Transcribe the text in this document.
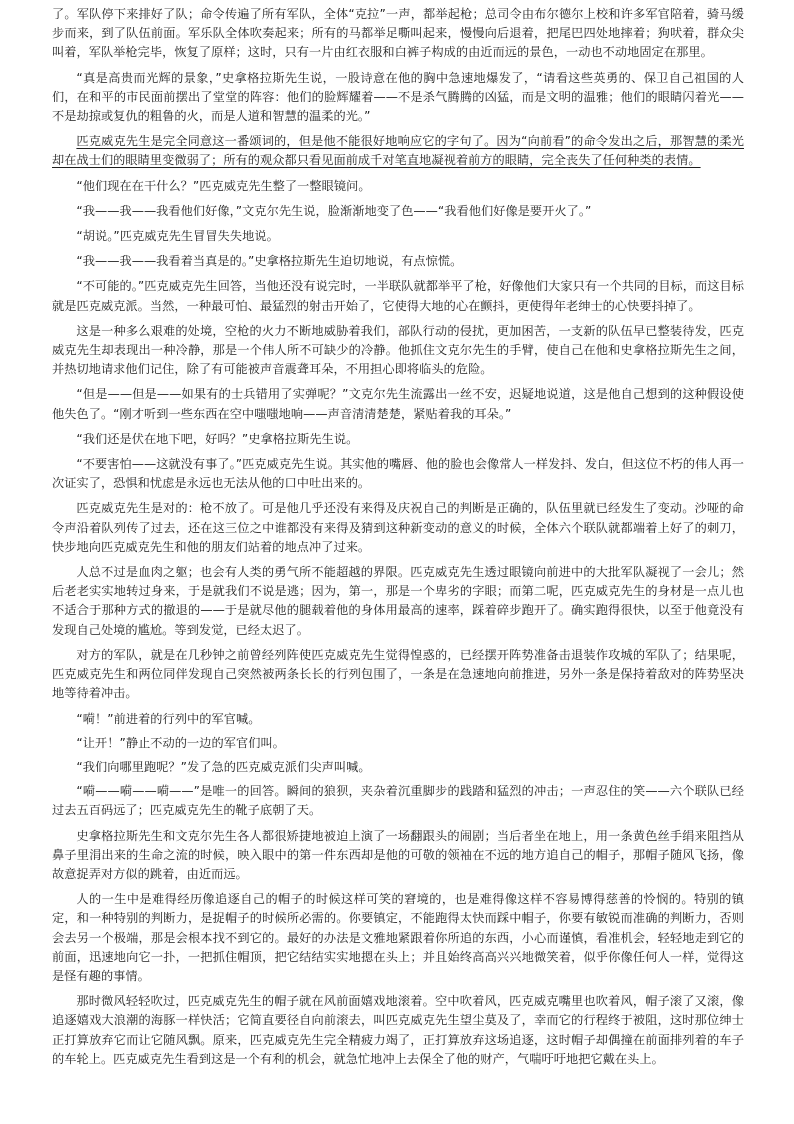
了。军队停下来排好了队；命令传遍了所有军队，全体“克拉”一声，都举起枪；总司令由布尔德尔上校和许多军官陪着，骑马缓步而来，到了队伍前面。军乐队全体吹奏起来；所有的马都举足嘶叫起来，慢慢向后退着，把尾巴四处地摔着；狗吠着，群众尖叫着，军队举枪完毕，恢复了原样；这时，只有一片由红衣服和白裤子构成的由近而远的景色，一动也不动地固定在那里。

“真是高贵而光辉的景象，”史拿格拉斯先生说，一股诗意在他的胸中急速地爆发了，“请看这些英勇的、保卫自己祖国的人们，在和平的市民面前摆出了堂堂的阵容：他们的脸辉耀着——不是杀气腾腾的凶猛，而是文明的温雅；他们的眼睛闪着光——不是劫掠或复仇的粗鲁的火，而是人道和智慧的温柔的光。”

匹克威克先生是完全同意这一番颂词的，但是他不能很好地响应它的字句了。因为“向前看”的命令发出之后，那智慧的柔光却在战士们的眼睛里变微弱了；所有的观众都只看见面前成千对笔直地凝视着前方的眼睛，完全丧失了任何种类的表情。

“他们现在在干什么？”匹克威克先生整了一整眼镜问。

“我——我——我看他们好像，”文克尔先生说，脸渐渐地变了色——“我看他们好像是要开火了。”

“胡说。”匹克威克先生冒冒失失地说。

“我——我——我看着当真是的。”史拿格拉斯先生迫切地说，有点惊慌。

“不可能的。”匹克威克先生回答，当他还没有说完时，一半联队就都举平了枪，好像他们大家只有一个共同的目标，而这目标就是匹克威克派。当然，一种最可怕、最猛烈的射击开始了，它使得大地的心在颤抖，更使得年老绅士的心快要抖掉了。

这是一种多么艰难的处境，空枪的火力不断地威胁着我们，部队行动的侵扰，更加困苦，一支新的队伍早已整装待发，匹克威克先生却表现出一种冷静，那是一个伟人所不可缺少的冷静。他抓住文克尔先生的手臂，使自己在他和史拿格拉斯先生之间，并热切地请求他们记住，除了有可能被声音震聋耳朵，不用担心即将临头的危险。

“但是——但是——如果有的士兵错用了实弹呢？”文克尔先生流露出一丝不安，迟疑地说道，这是他自己想到的这种假设使他失色了。“刚才听到一些东西在空中嗤嗤地响——声音清清楚楚，紧贴着我的耳朵。”

“我们还是伏在地下吧，好吗？”史拿格拉斯先生说。

“不要害怕——这就没有事了。”匹克威克先生说。其实他的嘴唇、他的脸也会像常人一样发抖、发白，但这位不朽的伟人再一次证实了，恐惧和忧虑是永远也无法从他的口中吐出来的。

匹克威克先生是对的：枪不放了。可是他几乎还没有来得及庆祝自己的判断是正确的，队伍里就已经发生了变动。沙哑的命令声沿着队列传了过去，还在这三位之中谁都没有来得及猜到这种新变动的意义的时候，全体六个联队就都端着上好了的刺刀，快步地向匹克威克先生和他的朋友们站着的地点冲了过来。

人总不过是血肉之躯；也会有人类的勇气所不能超越的界限。匹克威克先生透过眼镜向前进中的大批军队凝视了一会儿；然后老老实实地转过身来，于是就我们不说是逃；因为，第一，那是一个卑劣的字眼；而第二呢，匹克威克先生的身材是一点儿也不适合于那种方式的撤退的——于是就尽他的腿载着他的身体用最高的速率，踩着碎步跑开了。确实跑得很快，以至于他竟没有发现自己处境的尴尬。等到发觉，已经太迟了。

对方的军队，就是在几秒钟之前曾经列阵使匹克威克先生觉得惶惑的，已经摆开阵势准备击退装作攻城的军队了；结果呢，匹克威克先生和两位同伴发现自己突然被两条长长的行列包围了，一条是在急速地向前推进，另外一条是保持着敌对的阵势坚决地等待着冲击。

“嗬！”前进着的行列中的军官喊。

“让开！”静止不动的一边的军官们叫。

“我们向哪里跑呢？”发了急的匹克威克派们尖声叫喊。

“嗬——嗬——嗬——”是唯一的回答。瞬间的狼狈，夹杂着沉重脚步的践踏和猛烈的冲击；一声忍住的笑——六个联队已经过去五百码远了；匹克威克先生的靴子底朝了天。

史拿格拉斯先生和文克尔先生各人都很矫捷地被迫上演了一场翻跟头的闹剧；当后者坐在地上，用一条黄色丝手绢来阻挡从鼻子里涓出来的生命之流的时候，映入眼中的第一件东西却是他的可敬的领袖在不远的地方追自己的帽子，那帽子随风飞扬，像故意捉弄对方似的跳着，由近而远。

人的一生中是难得经历像追逐自己的帽子的时候这样可笑的窘境的，也是难得像这样不容易博得慈善的怜悯的。特别的镇定，和一种特别的判断力，是捉帽子的时候所必需的。你要镇定，不能跑得太快而踩中帽子，你要有敏锐而准确的判断力，否则会去另一个极端，那是会根本找不到它的。最好的办法是文雅地紧跟着你所追的东西，小心而谨慎，看准机会，轻轻地走到它的前面，迅速地向它一扑，一把抓住帽顶，把它结结实实地摁在头上；并且始终高高兴兴地微笑着，似乎你像任何人一样，觉得这是怪有趣的事情。

那时微风轻轻吹过，匹克威克先生的帽子就在风前面嬉戏地滚着。空中吹着风，匹克威克嘴里也吹着风，帽子滚了又滚，像追逐嬉戏大浪潮的海豚一样快活；它简直要径自向前滚去，叫匹克威克先生望尘莫及了，幸而它的行程终于被阻，这时那位绅士正打算放弃它而让它随风飘。原来，匹克威克先生完全精疲力竭了，正打算放弃这场追逐，这时帽子却偶撞在前面排列着的车子的车轮上。匹克威克先生看到这是一个有利的机会，就急忙地冲上去保全了他的财产，气喘吁吁地把它戴在头上。
